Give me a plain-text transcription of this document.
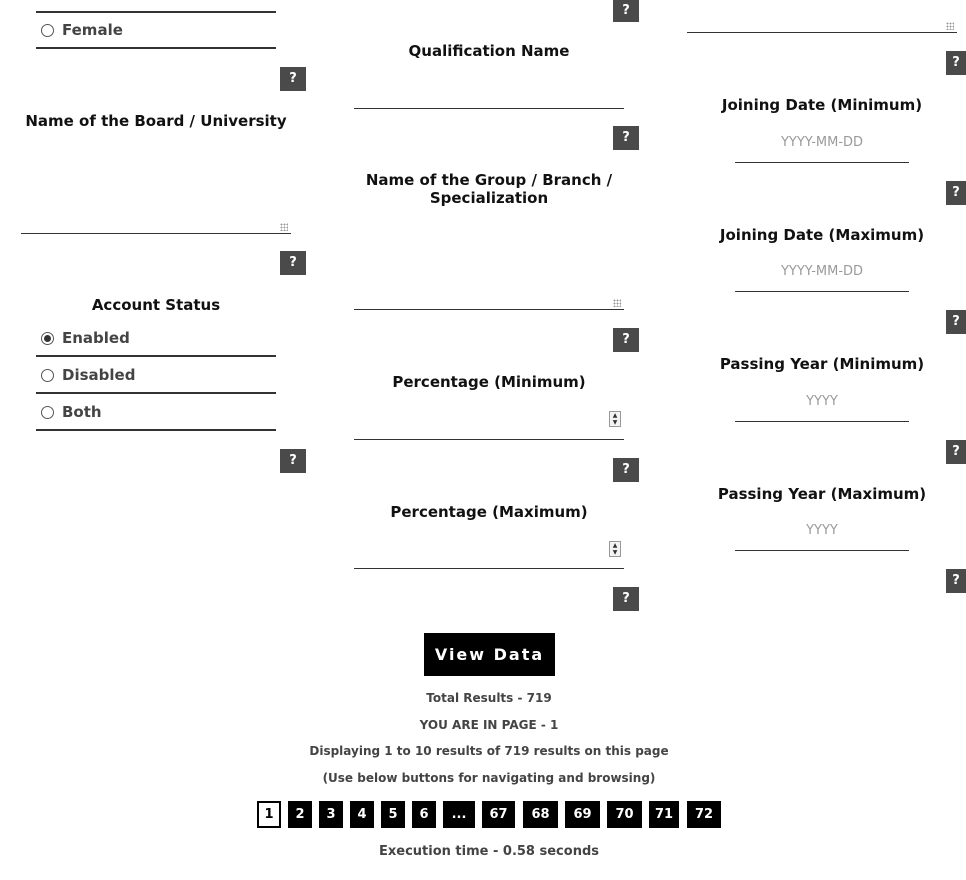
Female
?
Name of the Board / University
?
Account Status
Enabled
Disabled
Both
?
?
Qualification Name
?
Name of the Group / Branch /
Specialization
?
Percentage (Minimum)
▲
▼
?
Percentage (Maximum)
▲
▼
?
?
Joining Date (Minimum)
YYYY-MM-DD
?
Joining Date (Maximum)
YYYY-MM-DD
?
Passing Year (Minimum)
YYYY
?
Passing Year (Maximum)
YYYY
?
View Data
Total Results - 719
YOU ARE IN PAGE - 1
Displaying 1 to 10 results of 719 results on this page
(Use below buttons for navigating and browsing)
1	2	3	4	5	6	...	67	68	69	70	71	72
Execution time - 0.58 seconds
